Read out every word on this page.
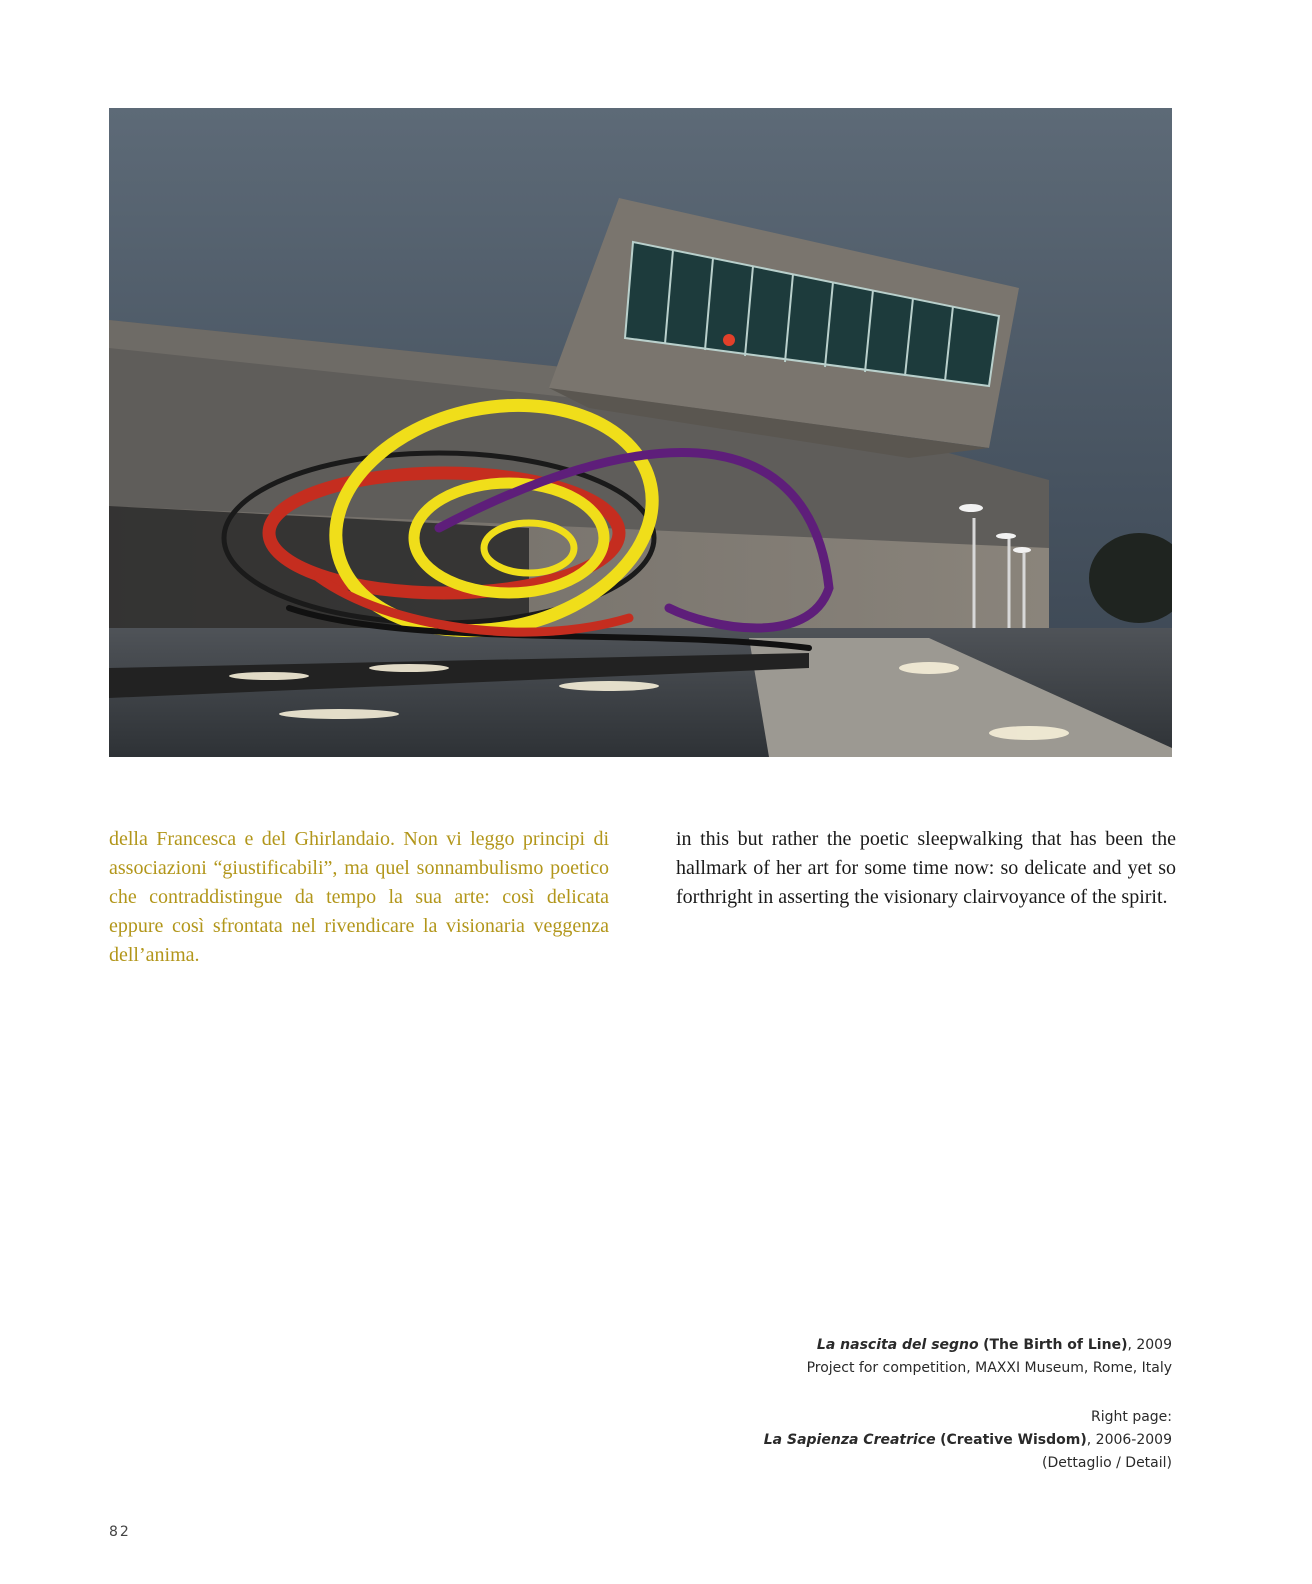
della Francesca e del Ghirlandaio. Non vi leggo principi di associazioni “giustificabili”, ma quel sonnambulismo poetico che contraddistingue da tempo la sua arte: così delicata eppure così sfrontata nel rivendicare la visionaria veggenza dell’anima.
in this but rather the poetic sleepwalking that has been the hallmark of her art for some time now: so delicate and yet so forthright in asserting the visionary clairvoyance of the spirit.
La nascita del segno (The Birth of Line), 2009
Project for competition, MAXXI Museum, Rome, Italy
Right page:
La Sapienza Creatrice (Creative Wisdom), 2006-2009
(Dettaglio / Detail)
82
